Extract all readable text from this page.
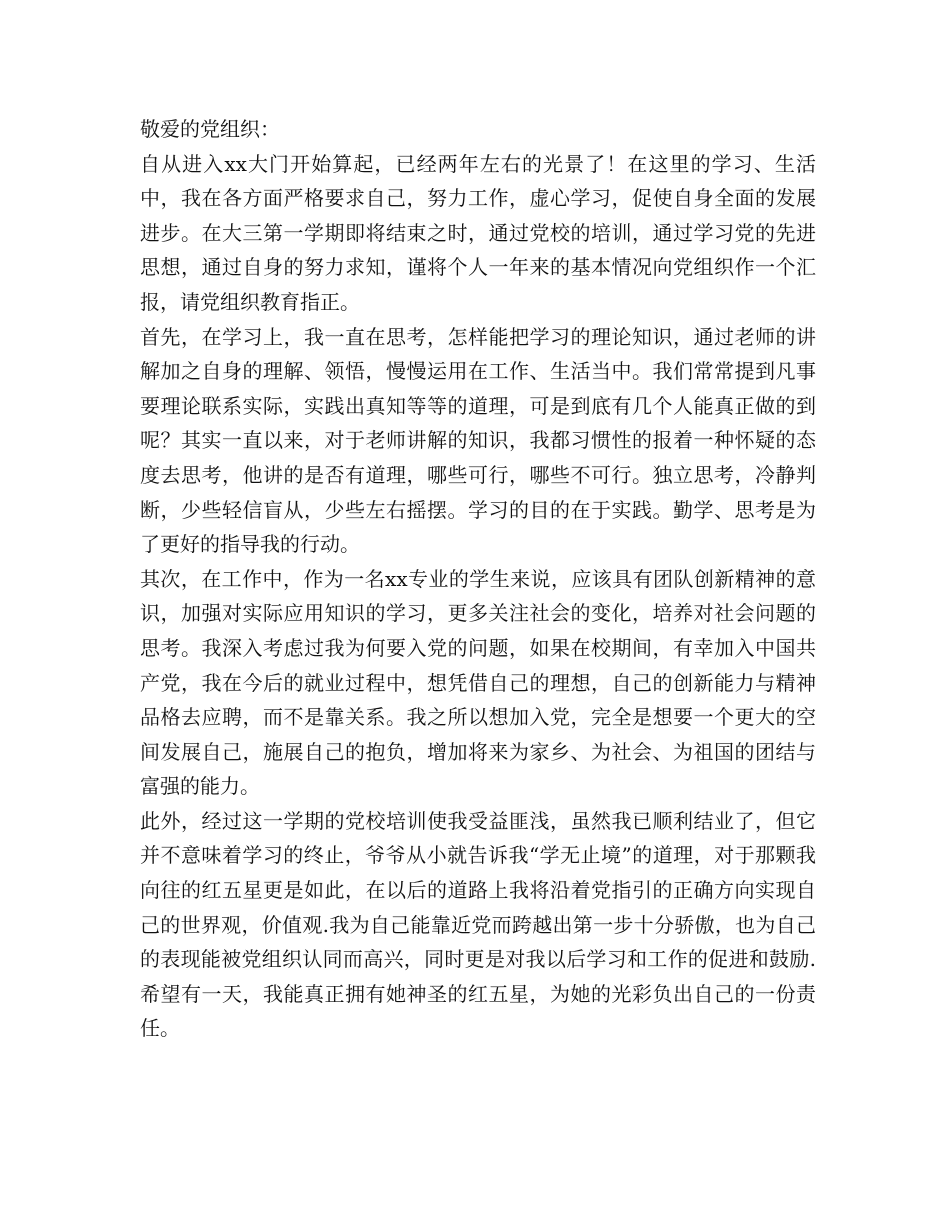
敬爱的党组织：

自从进入xx大门开始算起，已经两年左右的光景了！在这里的学习、生活中，我在各方面严格要求自己，努力工作，虚心学习，促使自身全面的发展进步。在大三第一学期即将结束之时，通过党校的培训，通过学习党的先进思想，通过自身的努力求知，谨将个人一年来的基本情况向党组织作一个汇报，请党组织教育指正。

首先，在学习上，我一直在思考，怎样能把学习的理论知识，通过老师的讲解加之自身的理解、领悟，慢慢运用在工作、生活当中。我们常常提到凡事要理论联系实际，实践出真知等等的道理，可是到底有几个人能真正做的到呢？其实一直以来，对于老师讲解的知识，我都习惯性的报着一种怀疑的态度去思考，他讲的是否有道理，哪些可行，哪些不可行。独立思考，冷静判断，少些轻信盲从，少些左右摇摆。学习的目的在于实践。勤学、思考是为了更好的指导我的行动。

其次，在工作中，作为一名xx专业的学生来说，应该具有团队创新精神的意识，加强对实际应用知识的学习，更多关注社会的变化，培养对社会问题的思考。我深入考虑过我为何要入党的问题，如果在校期间，有幸加入中国共产党，我在今后的就业过程中，想凭借自己的理想，自己的创新能力与精神品格去应聘，而不是靠关系。我之所以想加入党，完全是想要一个更大的空间发展自己，施展自己的抱负，增加将来为家乡、为社会、为祖国的团结与富强的能力。

此外，经过这一学期的党校培训使我受益匪浅，虽然我已顺利结业了，但它并不意味着学习的终止，爷爷从小就告诉我“学无止境”的道理，对于那颗我向往的红五星更是如此，在以后的道路上我将沿着党指引的正确方向实现自己的世界观，价值观.我为自己能靠近党而跨越出第一步十分骄傲，也为自己的表现能被党组织认同而高兴，同时更是对我以后学习和工作的促进和鼓励.希望有一天，我能真正拥有她神圣的红五星，为她的光彩负出自己的一份责任。
